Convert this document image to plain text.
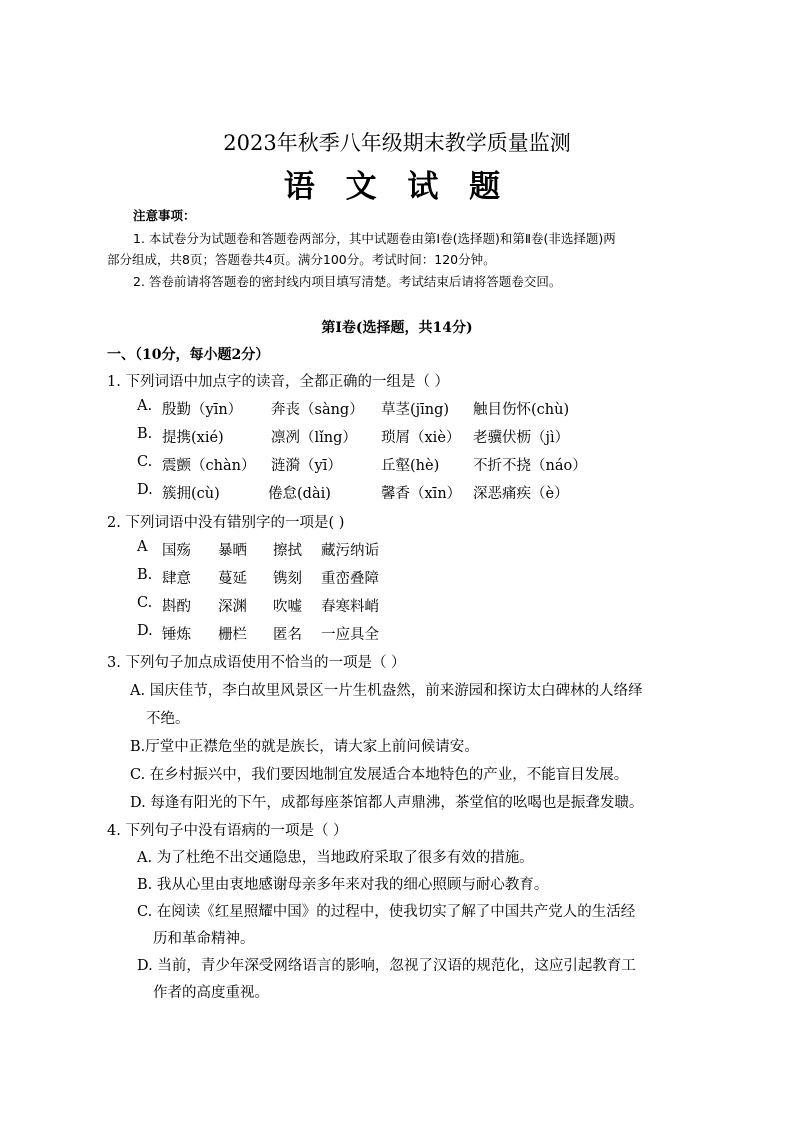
2023年秋季八年级期末教学质量监测
语 文 试 题
注意事项：
1. 本试卷分为试题卷和答题卷两部分，其中试题卷由第Ⅰ卷(选择题)和第Ⅱ卷(非选择题)两
部分组成，共8页；答题卷共4页。满分100分。考试时间：120分钟。
2. 答卷前请将答题卷的密封线内项目填写清楚。考试结束后请将答题卷交回。
第Ⅰ卷(选择题，共14分)
一、（10分，每小题2分）
1. 下列词语中加点字的读音，全都正确的一组是（ ）
A. 殷勤（yīn） 奔丧（sàng） 草茎(jīng) 触目伤怀(chù)
B. 提携(xié)	凛冽（lǐng） 琐屑（xiè） 老骥伏枥（jì）
C. 震颤（chàn） 涟漪（yī）	丘壑(hè) 不折不挠（náo）
D. 簇拥(cù)	倦怠(dài)	馨香（xīn） 深恶痛疾（è）
2. 下列词语中没有错别字的一项是( )
A 国殇 暴晒 擦拭 藏污纳诟
B. 肆意 蔓延 镌刻 重峦叠障
C. 斟酌 深渊 吹嘘 春寒料峭
D. 锤炼 栅栏 匿名 一应具全
3. 下列句子加点成语使用不恰当的一项是（ ）
A. 国庆佳节，李白故里风景区一片生机盎然，前来游园和探访太白碑林的人络绎
不绝。
B.厅堂中正襟危坐的就是族长，请大家上前问候请安。
C. 在乡村振兴中，我们要因地制宜发展适合本地特色的产业，不能盲目发展。
D. 每逢有阳光的下午，成都每座茶馆都人声鼎沸，茶堂倌的吆喝也是振聋发聩。
4. 下列句子中没有语病的一项是（ ）
A. 为了杜绝不出交通隐患，当地政府采取了很多有效的措施。
B. 我从心里由衷地感谢母亲多年来对我的细心照顾与耐心教育。
C. 在阅读《红星照耀中国》的过程中，使我切实了解了中国共产党人的生活经
历和革命精神。
D. 当前，青少年深受网络语言的影响，忽视了汉语的规范化，这应引起教育工
作者的高度重视。
